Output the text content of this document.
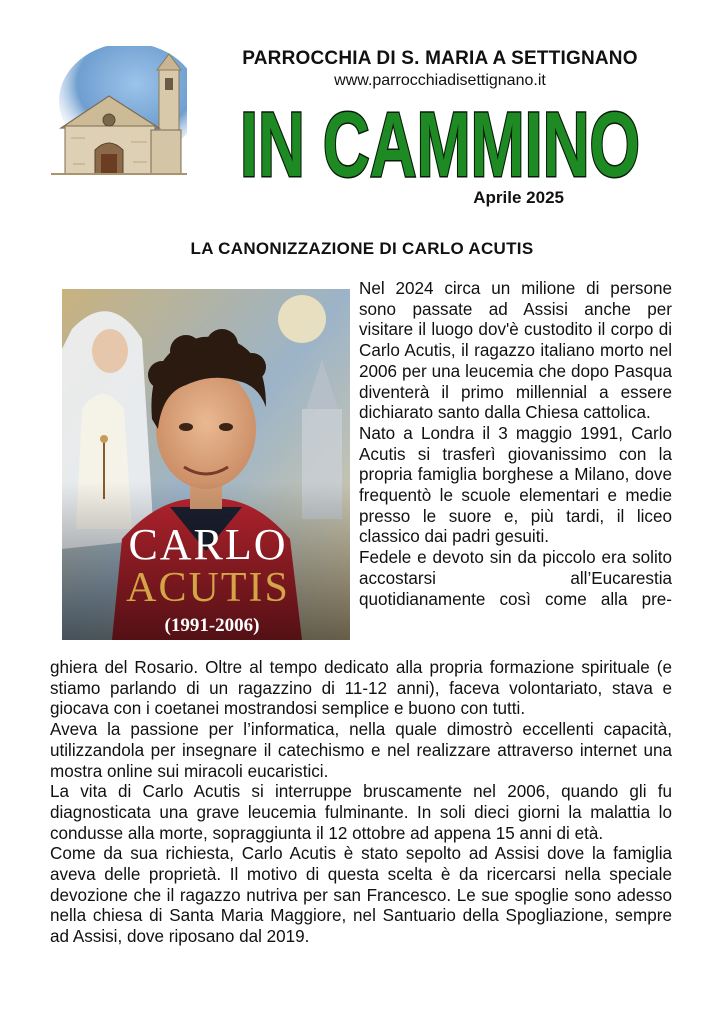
PARROCCHIA DI S. MARIA A SETTIGNANO
www.parrocchiadisettignano.it
IN CAMMINO
Aprile 2025
LA CANONIZZAZIONE DI CARLO ACUTIS
CARLO
ACUTIS
(1991-2006)

Nel 2024 circa un milione di persone sono passate ad Assisi anche per visitare il luogo dov'è custodito il corpo di Carlo Acutis, il ragazzo italiano morto nel 2006 per una leucemia che dopo Pasqua diventerà il primo millennial a essere dichiarato santo dalla Chiesa cattolica.

Nato a Londra il 3 maggio 1991, Carlo Acutis si trasferì giovanissimo con la propria famiglia borghese a Milano, dove frequentò le scuole elementari e medie presso le suore e, più tardi, il liceo classico dai padri gesuiti.

Fedele e devoto sin da piccolo era solito accostarsi all’Eucarestia quotidianamente così come alla pre-

ghiera del Rosario. Oltre al tempo dedicato alla propria formazione spirituale (e stiamo parlando di un ragazzino di 11-12 anni), faceva volontariato, stava e giocava con i coetanei mostrandosi semplice e buono con tutti.

Aveva la passione per l’informatica, nella quale dimostrò eccellenti capacità, utilizzandola per insegnare il catechismo e nel realizzare attraverso internet una mostra online sui miracoli eucaristici.

La vita di Carlo Acutis si interruppe bruscamente nel 2006, quando gli fu diagnosticata una grave leucemia fulminante. In soli dieci giorni la malattia lo condusse alla morte, sopraggiunta il 12 ottobre ad appena 15 anni di età.

Come da sua richiesta, Carlo Acutis è stato sepolto ad Assisi dove la famiglia aveva delle proprietà. Il motivo di questa scelta è da ricercarsi nella speciale devozione che il ragazzo nutriva per san Francesco. Le sue spoglie sono adesso nella chiesa di Santa Maria Maggiore, nel Santuario della Spogliazione, sempre ad Assisi, dove riposano dal 2019.
